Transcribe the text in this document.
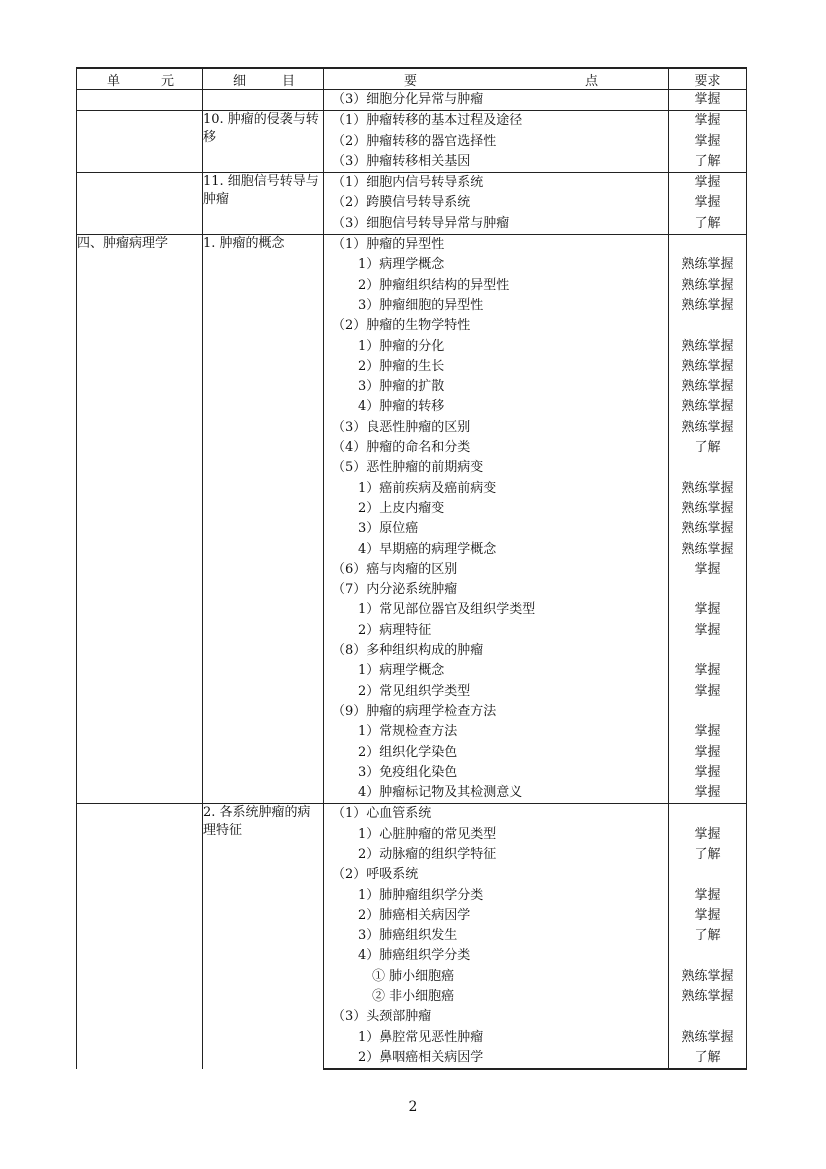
单 元	细 目	要 点	要求
		（3）细胞分化异常与肿瘤	掌握
	10. 肿瘤的侵袭与转移	（1）肿瘤转移的基本过程及途径	掌握
		（2）肿瘤转移的器官选择性	掌握
		（3）肿瘤转移相关基因	了解
	11. 细胞信号转导与肿瘤	（1）细胞内信号转导系统	掌握
		（2）跨膜信号转导系统	掌握
		（3）细胞信号转导异常与肿瘤	了解
四、肿瘤病理学	1. 肿瘤的概念	（1）肿瘤的异型性	
		1）病理学概念	熟练掌握
		2）肿瘤组织结构的异型性	熟练掌握
		3）肿瘤细胞的异型性	熟练掌握
		（2）肿瘤的生物学特性	
		1）肿瘤的分化	熟练掌握
		2）肿瘤的生长	熟练掌握
		3）肿瘤的扩散	熟练掌握
		4）肿瘤的转移	熟练掌握
		（3）良恶性肿瘤的区别	熟练掌握
		（4）肿瘤的命名和分类	了解
		（5）恶性肿瘤的前期病变	
		1）癌前疾病及癌前病变	熟练掌握
		2）上皮内瘤变	熟练掌握
		3）原位癌	熟练掌握
		4）早期癌的病理学概念	熟练掌握
		（6）癌与肉瘤的区别	掌握
		（7）内分泌系统肿瘤	
		1）常见部位器官及组织学类型	掌握
		2）病理特征	掌握
		（8）多种组织构成的肿瘤	
		1）病理学概念	掌握
		2）常见组织学类型	掌握
		（9）肿瘤的病理学检查方法	
		1）常规检查方法	掌握
		2）组织化学染色	掌握
		3）免疫组化染色	掌握
		4）肿瘤标记物及其检测意义	掌握
	2. 各系统肿瘤的病理特征	（1）心血管系统	
		1）心脏肿瘤的常见类型	掌握
		2）动脉瘤的组织学特征	了解
		（2）呼吸系统	
		1）肺肿瘤组织学分类	掌握
		2）肺癌相关病因学	掌握
		3）肺癌组织发生	了解
		4）肺癌组织学分类	
		① 肺小细胞癌	熟练掌握
		② 非小细胞癌	熟练掌握
		（3）头颈部肿瘤	
		1）鼻腔常见恶性肿瘤	熟练掌握
		2）鼻咽癌相关病因学	了解
2
